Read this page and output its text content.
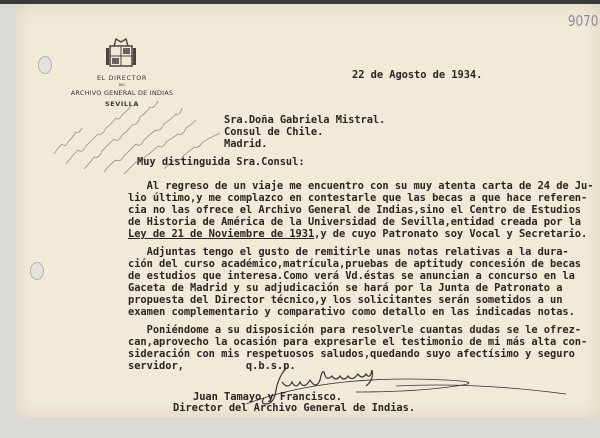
9070
EL DIRECTOR
DEL
ARCHIVO GENERAL DE INDIAS
SEVILLA
22 de Agosto de 1934.
Sra.Doña Gabriela Mistral.
Consul de Chile.
Madrid.
Muy distinguida Sra.Consul:
Al regreso de un viaje me encuentro con su muy atenta carta de 24 de Ju-
lio último,y me complazco en contestarle que las becas a que hace referen-
cia no las ofrece el Archivo General de Indias,sino el Centro de Estudios
de Historia de América de la Universidad de Sevilla,entidad creada por la
Ley de 21 de Noviembre de 1931,y de cuyo Patronato soy Vocal y Secretario.
Adjuntas tengo el gusto de remitirle unas notas relativas a la dura-
ción del curso académico,matrícula,pruebas de aptitudy concesión de becas
de estudios que interesa.Como verá Vd.éstas se anuncian a concurso en la
Gaceta de Madrid y su adjudicación se hará por la Junta de Patronato a
propuesta del Director técnico,y los solicitantes serán sometidos a un
examen complementario y comparativo como detallo en las indicadas notas.
Poniéndome a su disposición para resolverle cuantas dudas se le ofrez-
can,aprovecho la ocasión para expresarle el testimonio de mi más alta con-
sideración con mis respetuosos saludos,quedando suyo afectísimo y seguro
servidor,          q.b.s.p.
Juan Tamayo y Francisco.
Director del Archivo General de Indias.
